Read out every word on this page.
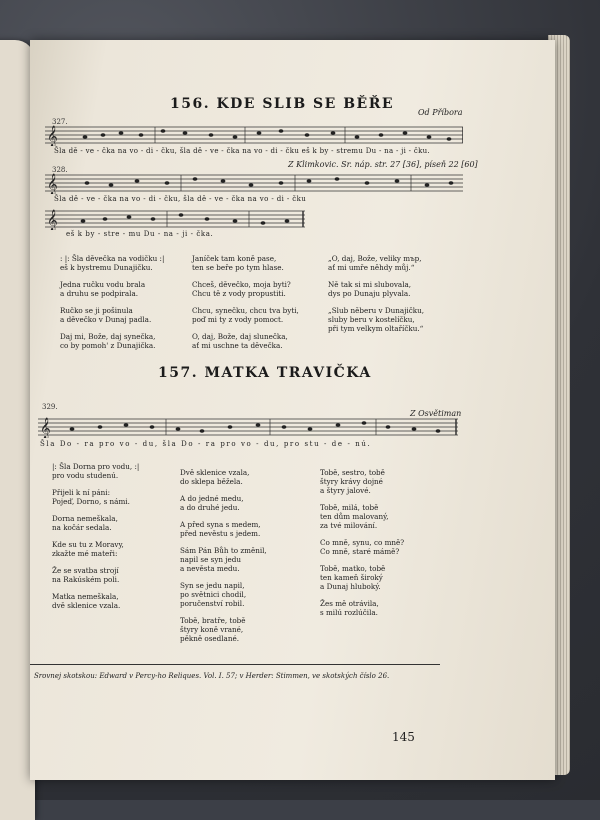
156. KDE SLIB SE BĚŘE
Od Příbora
327.
𝄞
Šla dě - ve - čka na vo - di - čku, šla dě - ve - čka na vo - di - čku eš k by - stremu Du - na - ji - čku.
Z Klimkovic. Sr. náp. str. 27 [36], píseň 22 [60]
328.
𝄞
Šla dě - ve - čka na vo - di - čku, šla dě - ve - čka na vo - di - čku
𝄞
eš k by - stre - mu Du - na - ji - čka.

: |: Šla děvečka na vodičku :|
eš k bystremu Dunajičku.

Jedna ručku vodu brala
a druhu se podpirala.

Ručko se ji pošinula
a děvečko v Dunaj padla.

Daj mi, Bože, daj synečka,
co by pomoh' z Dunajička.

Janíček tam koně pase,
ten se beře po tym hlase.

Chceš, děvečko, moja byti?
Chcu tě z vody propustiti.

Chcu, synečku, chcu tva byti,
poď mi ty z vody pomoct.

O, daj, Bože, daj slunečka,
ať mi uschne ta děvečka.

„O, daj, Bože, veliky mър,
ať mi umře něhdy můj.“

Ně tak si mi slubovala,
dys po Dunaju plyvala.

„Slub něberu v Dunajičku,
slubу beru v kostelíčku,
při tym velkym oltaříčku.“

157. MATKA TRAVIČKA
329.
Z Osvětiman
𝄞
Šla Do - ra pro vo - du, šla Do - ra pro vo - du, pro stu - de - nú.

|: Šla Dorna pro vodu, :|
pro vodu studenú.

Přijeli k ní páni:
Pojeď, Dorno, s námi.

Dorna nemeškala,
na kočár sedala.

Kde su tu z Moravy,
zkažte mé mateři:

Že se svatba strojí
na Rakúském poli.

Matka nemeškala,
dvě sklenice vzala.

Dvě sklenice vzala,
do sklepa běžela.

A do jedné medu,
a do druhé jedu.

A před syna s medem,
před nevěstu s jedem.

Sám Pán Bůh to změnil,
napil se syn jedu
a nevěsta medu.

Syn se jedu napil,
po světnici chodil,
poručenství robil.

Tobě, bratře, tobě
štyry koně vrané,
pěkně osedlané.

Tobě, sestro, tobě
štyry krávy dojné
a štyry jalové.

Tobě, milá, tobě
ten dům malovaný,
za tvé milování.

Co mně, synu, co mně?
Co mně, staré mámě?

Tobě, matko, tobě
ten kameň široký
a Dunaj hluboký.

Žes mě otrávila,
s milú rozlúčila.

Srovnej skotskou: Edward v Percy-ho Reliques. Vol. I. 57; v Herder: Stimmen, ve skotských číslo 26.
145
